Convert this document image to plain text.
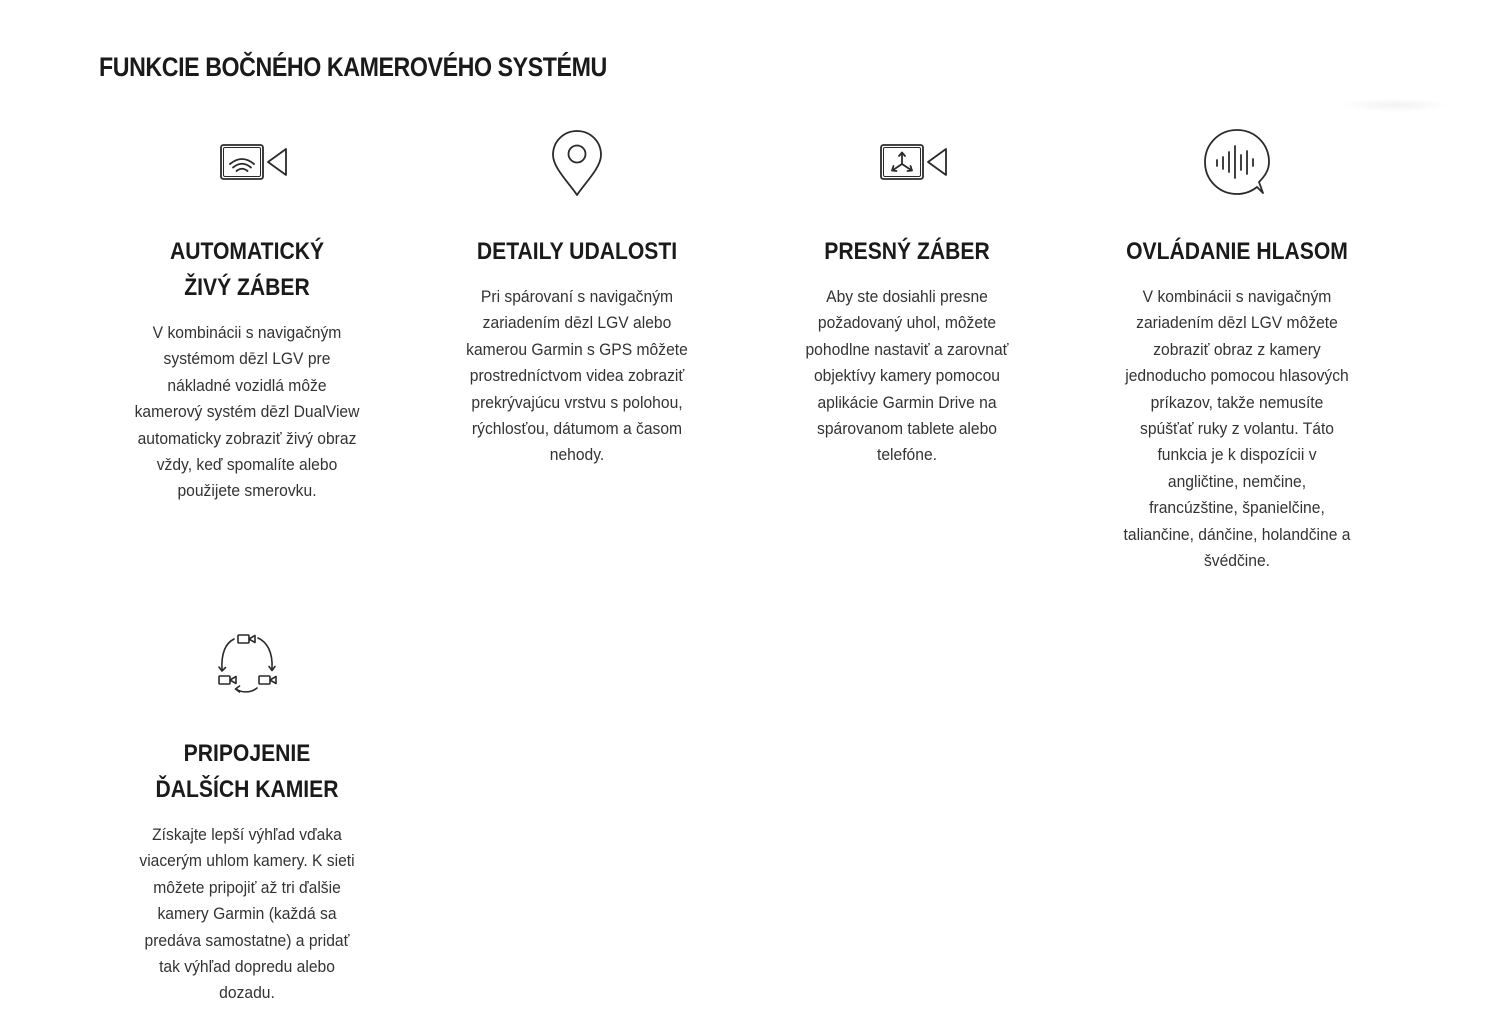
FUNKCIE BOČNÉHO KAMEROVÉHO SYSTÉMU
AUTOMATICKÝ ŽIVÝ ZÁBER

V kombinácii s navigačným systémom dēzl LGV pre nákladné vozidlá môže kamerový systém dēzl DualView automaticky zobraziť živý obraz vždy, keď spomalíte alebo použijete smerovku.

DETAILY UDALOSTI

Pri spárovaní s navigačným zariadením dēzl LGV alebo kamerou Garmin s GPS môžete prostredníctvom videa zobraziť prekrývajúcu vrstvu s polohou, rýchlosťou, dátumom a časom nehody.

PRESNÝ ZÁBER

Aby ste dosiahli presne požadovaný uhol, môžete pohodlne nastaviť a zarovnať objektívy kamery pomocou aplikácie Garmin Drive na spárovanom tablete alebo telefóne.

OVLÁDANIE HLASOM

V kombinácii s navigačným zariadením dēzl LGV môžete zobraziť obraz z kamery jednoducho pomocou hlasových príkazov, takže nemusíte spúšťať ruky z volantu. Táto funkcia je k dispozícii v angličtine, nemčine, francúzštine, španielčine, taliančine, dánčine, holandčine a švédčine.

PRIPOJENIE ĎALŠÍCH KAMIER

Získajte lepší výhľad vďaka viacerým uhlom kamery. K sieti môžete pripojiť až tri ďalšie kamery Garmin (každá sa predáva samostatne) a pridať tak výhľad dopredu alebo dozadu.
